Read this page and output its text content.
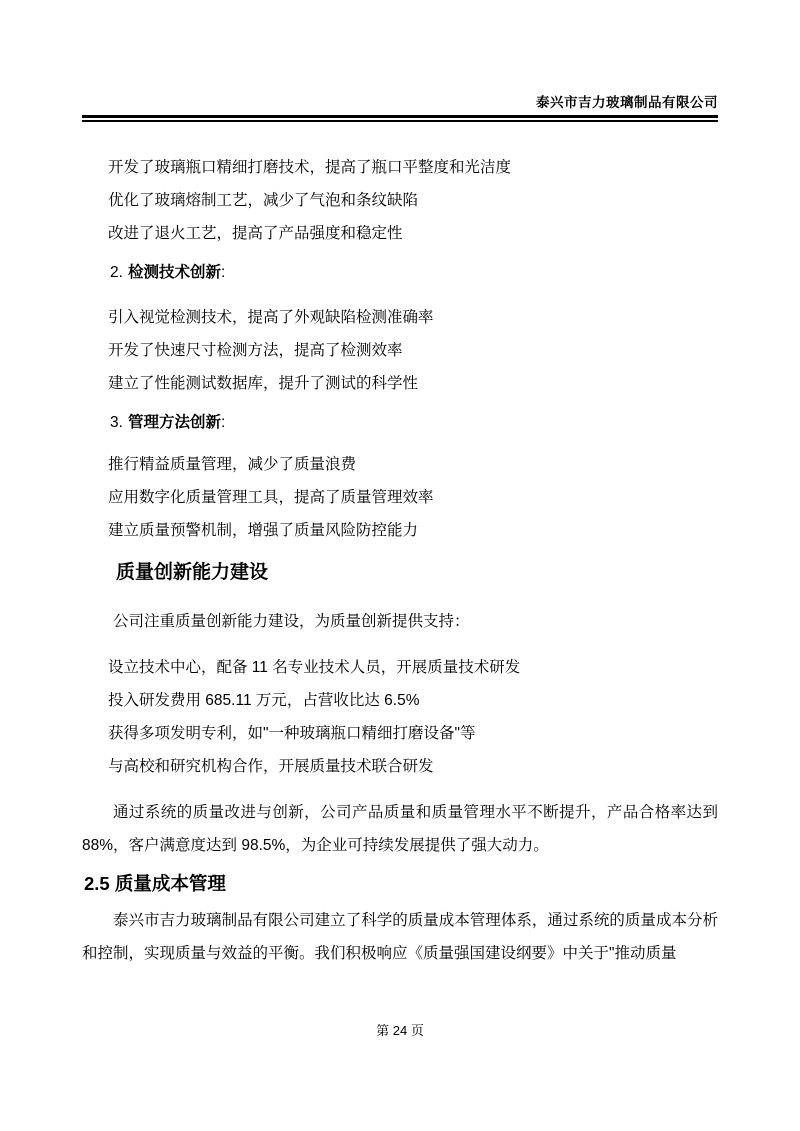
泰兴市吉力玻璃制品有限公司

开发了玻璃瓶口精细打磨技术，提高了瓶口平整度和光洁度

优化了玻璃熔制工艺，减少了气泡和条纹缺陷

改进了退火工艺，提高了产品强度和稳定性

2. 检测技术创新:

引入视觉检测技术，提高了外观缺陷检测准确率

开发了快速尺寸检测方法，提高了检测效率

建立了性能测试数据库，提升了测试的科学性

3. 管理方法创新:

推行精益质量管理，减少了质量浪费

应用数字化质量管理工具，提高了质量管理效率

建立质量预警机制，增强了质量风险防控能力

质量创新能力建设

公司注重质量创新能力建设，为质量创新提供支持：

设立技术中心，配备 11 名专业技术人员，开展质量技术研发

投入研发费用 685.11 万元，占营收比达 6.5%

获得多项发明专利，如"一种玻璃瓶口精细打磨设备"等

与高校和研究机构合作，开展质量技术联合研发

通过系统的质量改进与创新，公司产品质量和质量管理水平不断提升，产品合格率达到 88%，客户满意度达到 98.5%，为企业可持续发展提供了强大动力。

2.5 质量成本管理

泰兴市吉力玻璃制品有限公司建立了科学的质量成本管理体系，通过系统的质量成本分析和控制，实现质量与效益的平衡。我们积极响应《质量强国建设纲要》中关于"推动质量

第 24 页
